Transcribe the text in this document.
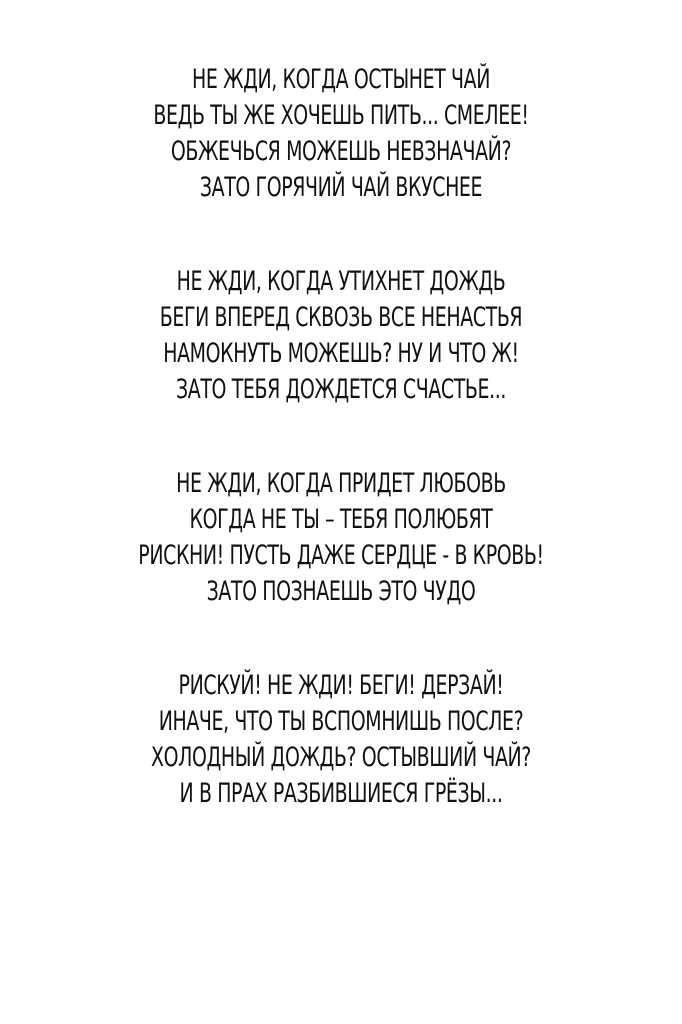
НЕ ЖДИ, КОГДА ОСТЫНЕТ ЧАЙ
ВЕДЬ ТЫ ЖЕ ХОЧЕШЬ ПИТЬ... СМЕЛЕЕ!
ОБЖЕЧЬСЯ МОЖЕШЬ НЕВЗНАЧАЙ?
ЗАТО ГОРЯЧИЙ ЧАЙ ВКУСНЕЕ
НЕ ЖДИ, КОГДА УТИХНЕТ ДОЖДЬ
БЕГИ ВПЕРЕД СКВОЗЬ ВСЕ НЕНАСТЬЯ
НАМОКНУТЬ МОЖЕШЬ? НУ И ЧТО Ж!
ЗАТО ТЕБЯ ДОЖДЕТСЯ СЧАСТЬЕ...
НЕ ЖДИ, КОГДА ПРИДЕТ ЛЮБОВЬ
КОГДА НЕ ТЫ – ТЕБЯ ПОЛЮБЯТ
РИСКНИ! ПУСТЬ ДАЖЕ СЕРДЦЕ - В КРОВЬ!
ЗАТО ПОЗНАЕШЬ ЭТО ЧУДО
РИСКУЙ! НЕ ЖДИ! БЕГИ! ДЕРЗАЙ!
ИНАЧЕ, ЧТО ТЫ ВСПОМНИШЬ ПОСЛЕ?
ХОЛОДНЫЙ ДОЖДЬ? ОСТЫВШИЙ ЧАЙ?
И В ПРАХ РАЗБИВШИЕСЯ ГРЁЗЫ...
